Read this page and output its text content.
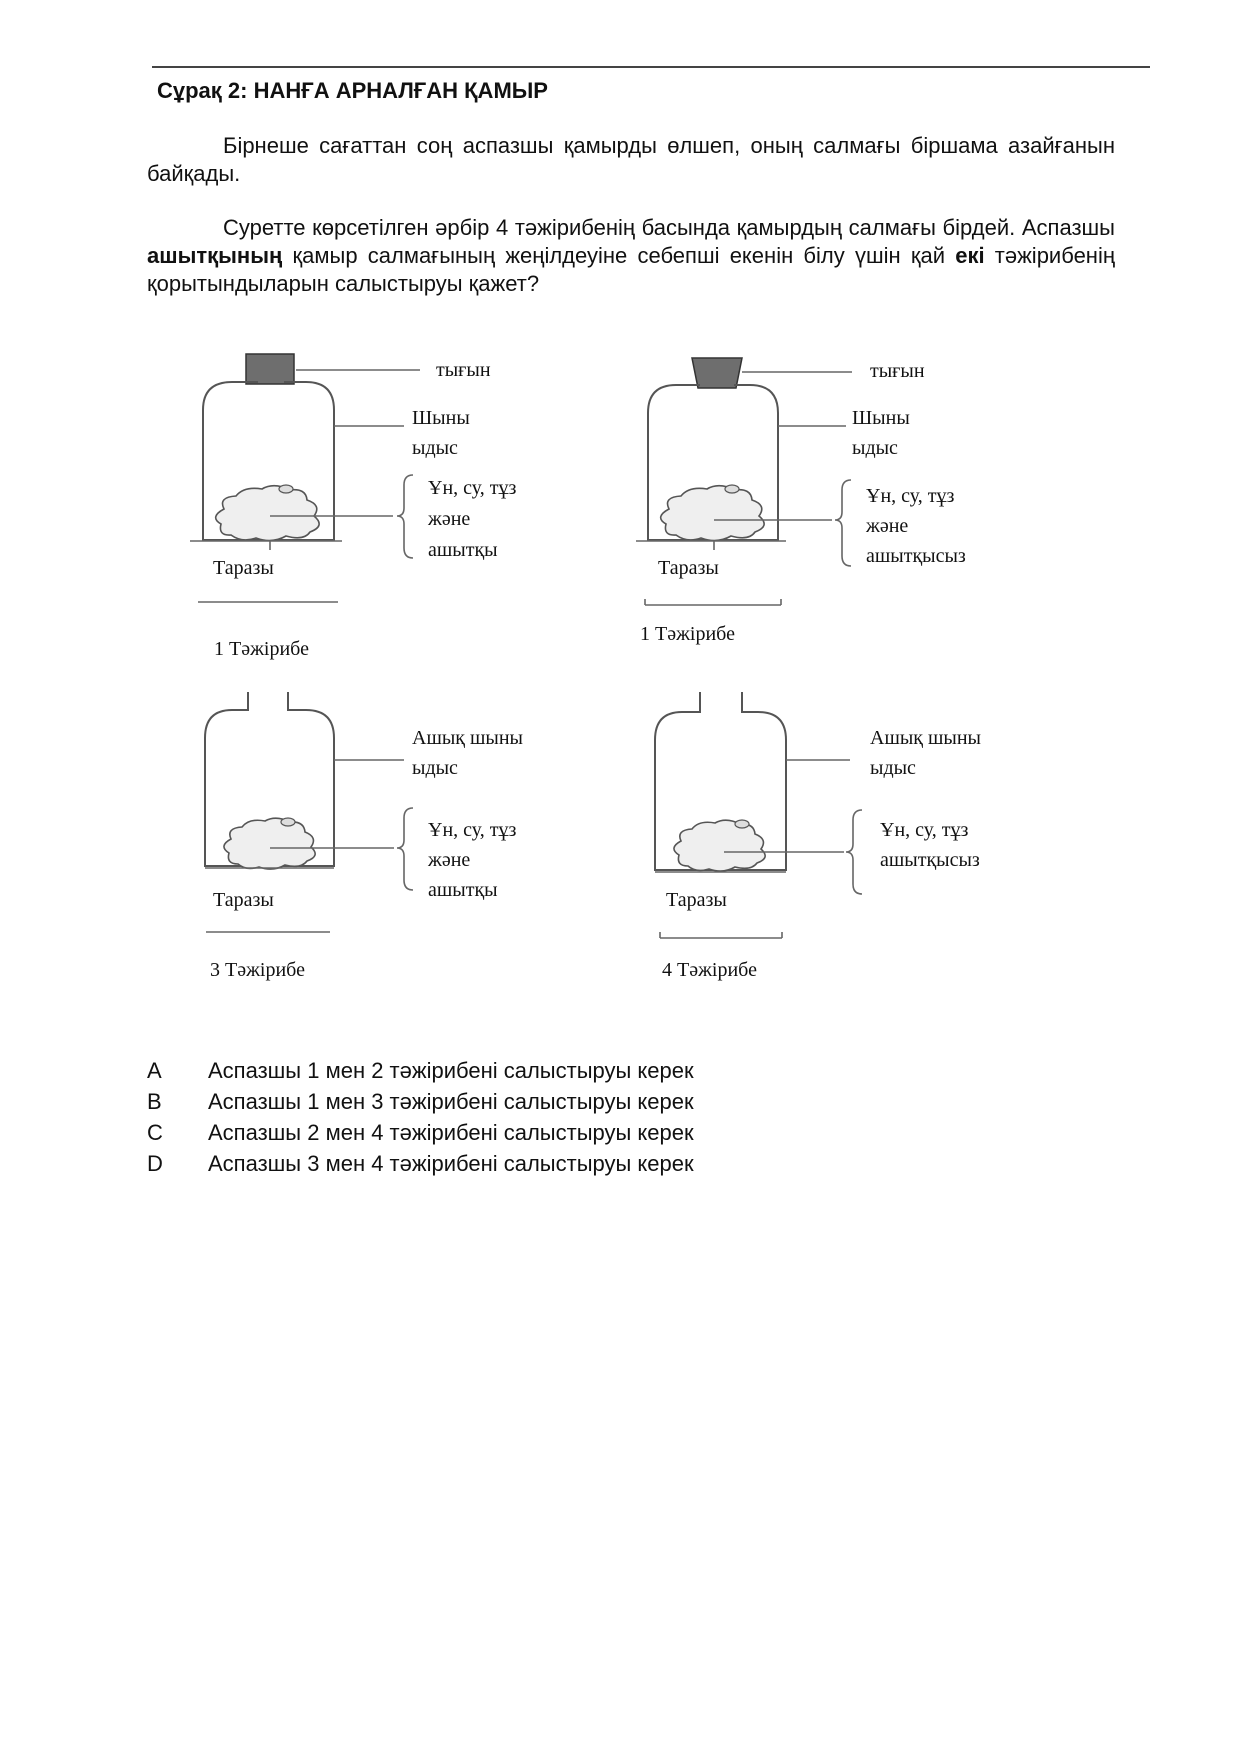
Сұрақ 2: НАНҒА АРНАЛҒАН ҚАМЫР

Бірнеше сағаттан соң аспазшы қамырды өлшеп, оның салмағы біршама азайғанын байқады.

Суретте көрсетілген әрбір 4 тәжірибенің басында қамырдың салмағы бірдей. Аспазшы ашытқының қамыр салмағының жеңілдеуіне себепші екенін білу үшін қай екі тәжірибенің қорытындыларын салыстыруы қажет?

тығын
Шыны
ыдыс
Ұн, су, тұз
және
ашытқы
Таразы
1 Тәжірибе
тығын
Шыны
ыдыс
Ұн, су, тұз
және
ашытқысыз
Таразы
1 Тәжірибе
Ашық шыны
ыдыс
Ұн, су, тұз
және
ашытқы
Таразы
3 Тәжірибе
Ашық шыны
ыдыс
Ұн, су, тұз
ашытқысыз
Таразы
4 Тәжірибе
A Аспазшы 1 мен 2 тәжірибені салыстыруы керек
B Аспазшы 1 мен 3 тәжірибені салыстыруы керек
C Аспазшы 2 мен 4 тәжірибені салыстыруы керек
D Аспазшы 3 мен 4 тәжірибені салыстыруы керек
